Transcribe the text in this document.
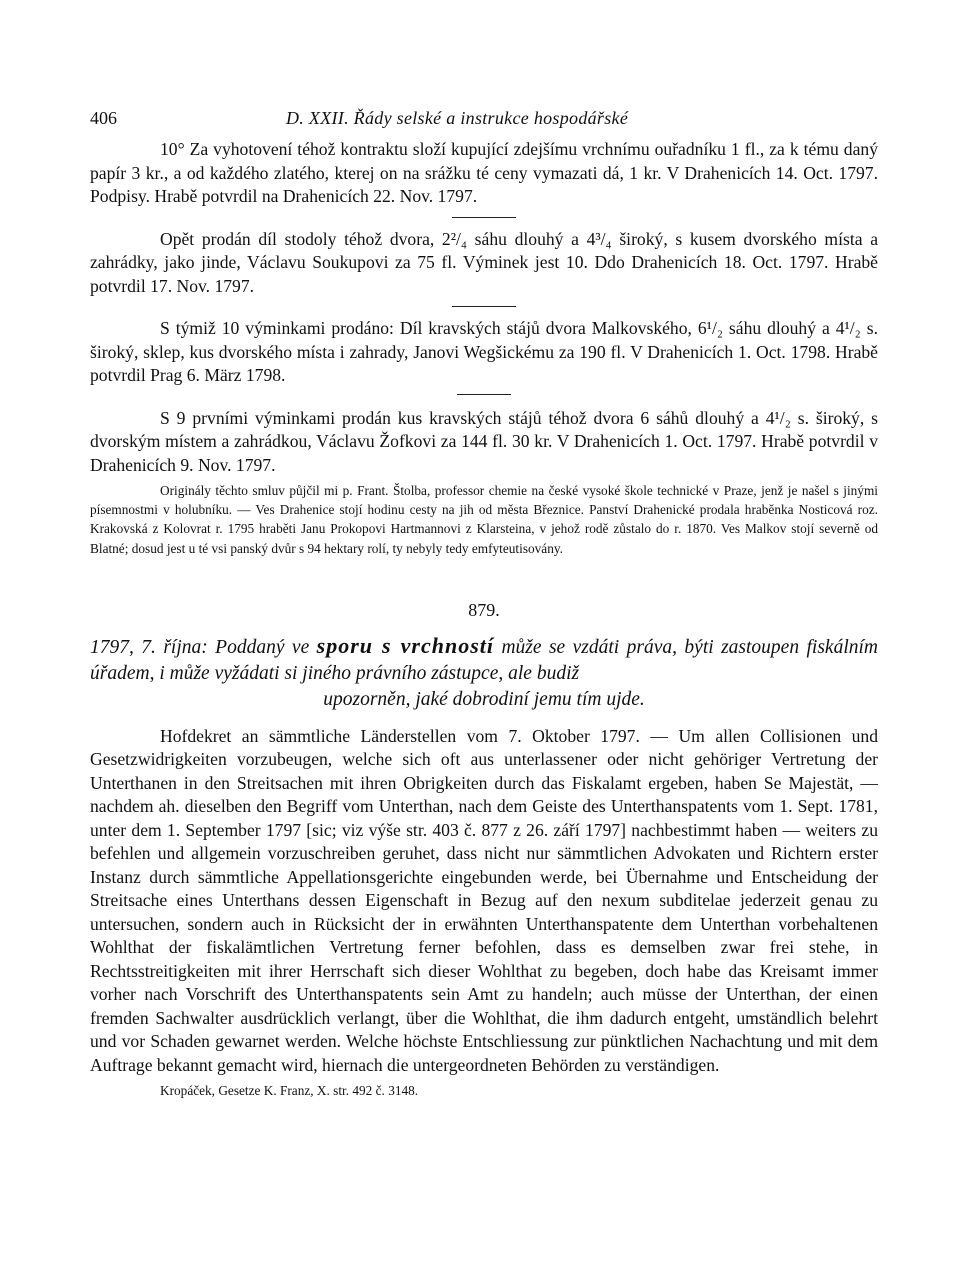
406	D. XXII. Řády selské a instrukce hospodářské

10° Za vyhotovení téhož kontraktu složí kupující zdejšímu vrchnímu ouřadníku 1 fl., za k tému daný papír 3 kr., a od každého zlatého, kterej on na srážku té ceny vymazati dá, 1 kr. V Drahenicích 14. Oct. 1797. Podpisy. Hrabě potvrdil na Drahenicích 22. Nov. 1797.

Opět prodán díl stodoly téhož dvora, 2²/₄ sáhu dlouhý a 4³/₄ široký, s kusem dvorského místa a zahrádky, jako jinde, Václavu Soukupovi za 75 fl. Výminek jest 10. Ddo Drahenicích 18. Oct. 1797. Hrabě potvrdil 17. Nov. 1797.

S týmiž 10 výminkami prodáno: Díl kravských stájů dvora Malkovského, 6¹/₂ sáhu dlouhý a 4¹/₂ s. široký, sklep, kus dvorského místa i zahrady, Janovi Wegšickému za 190 fl. V Drahenicích 1. Oct. 1798. Hrabě potvrdil Prag 6. März 1798.

S 9 prvními výminkami prodán kus kravských stájů téhož dvora 6 sáhů dlouhý a 4¹/₂ s. široký, s dvorským místem a zahrádkou, Václavu Žofkovi za 144 fl. 30 kr. V Drahenicích 1. Oct. 1797. Hrabě potvrdil v Drahenicích 9. Nov. 1797.

Originály těchto smluv půjčil mi p. Frant. Štolba, professor chemie na české vysoké škole technické v Praze, jenž je našel s jinými písemnostmi v holubníku. — Ves Drahenice stojí hodinu cesty na jih od města Březnice. Panství Drahenické prodala hraběnka Nosticová roz. Krakovská z Kolovrat r. 1795 hraběti Janu Prokopovi Hartmannovi z Klarsteina, v jehož rodě zůstalo do r. 1870. Ves Malkov stojí severně od Blatné; dosud jest u té vsi panský dvůr s 94 hektary rolí, ty nebyly tedy emfyteutisovány.

879.

1797, 7. října: Poddaný ve sporu s vrchností může se vzdáti práva, býti zastoupen fiskálním úřadem, i může vyžádati si jiného právního zástupce, ale budiž
upozorněn, jaké dobrodiní jemu tím ujde.

Hofdekret an sämmtliche Länderstellen vom 7. Oktober 1797. — Um allen Collisionen und Gesetzwidrigkeiten vorzubeugen, welche sich oft aus unterlassener oder nicht gehöriger Vertretung der Unterthanen in den Streitsachen mit ihren Obrigkeiten durch das Fiskalamt ergeben, haben Se Majestät, — nachdem ah. dieselben den Begriff vom Unterthan, nach dem Geiste des Unterthanspatents vom 1. Sept. 1781, unter dem 1. September 1797 [sic; viz výše str. 403 č. 877 z 26. září 1797] nachbestimmt haben — weiters zu befehlen und allgemein vorzuschreiben geruhet, dass nicht nur sämmtlichen Advokaten und Richtern erster Instanz durch sämmtliche Appellationsgerichte eingebunden werde, bei Übernahme und Entscheidung der Streitsache eines Unterthans dessen Eigenschaft in Bezug auf den nexum subditelae jederzeit genau zu untersuchen, sondern auch in Rücksicht der in erwähnten Unterthanspatente dem Unterthan vorbehaltenen Wohlthat der fiskalämtlichen Vertretung ferner befohlen, dass es demselben zwar frei stehe, in Rechtsstreitigkeiten mit ihrer Herrschaft sich dieser Wohlthat zu begeben, doch habe das Kreisamt immer vorher nach Vorschrift des Unterthanspatents sein Amt zu handeln; auch müsse der Unterthan, der einen fremden Sachwalter ausdrücklich verlangt, über die Wohlthat, die ihm dadurch entgeht, umständlich belehrt und vor Schaden gewarnet werden. Welche höchste Entschliessung zur pünktlichen Nachachtung und mit dem Auftrage bekannt gemacht wird, hiernach die untergeordneten Behörden zu verständigen.

Kropáček, Gesetze K. Franz, X. str. 492 č. 3148.
